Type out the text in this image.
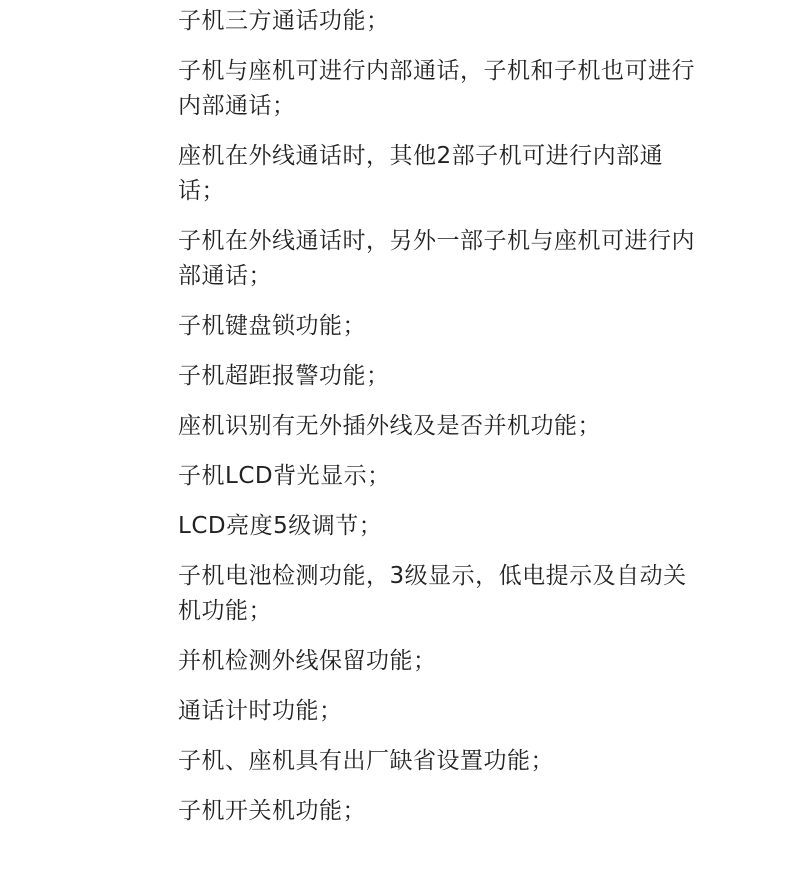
子机三方通话功能；
子机与座机可进行内部通话，子机和子机也可进行内部通话；
座机在外线通话时，其他2部子机可进行内部通话；
子机在外线通话时，另外一部子机与座机可进行内部通话；
子机键盘锁功能；
子机超距报警功能；
座机识别有无外插外线及是否并机功能；
子机LCD背光显示；
LCD亮度5级调节；
子机电池检测功能，3级显示，低电提示及自动关机功能；
并机检测外线保留功能；
通话计时功能；
子机、座机具有出厂缺省设置功能；
子机开关机功能；
